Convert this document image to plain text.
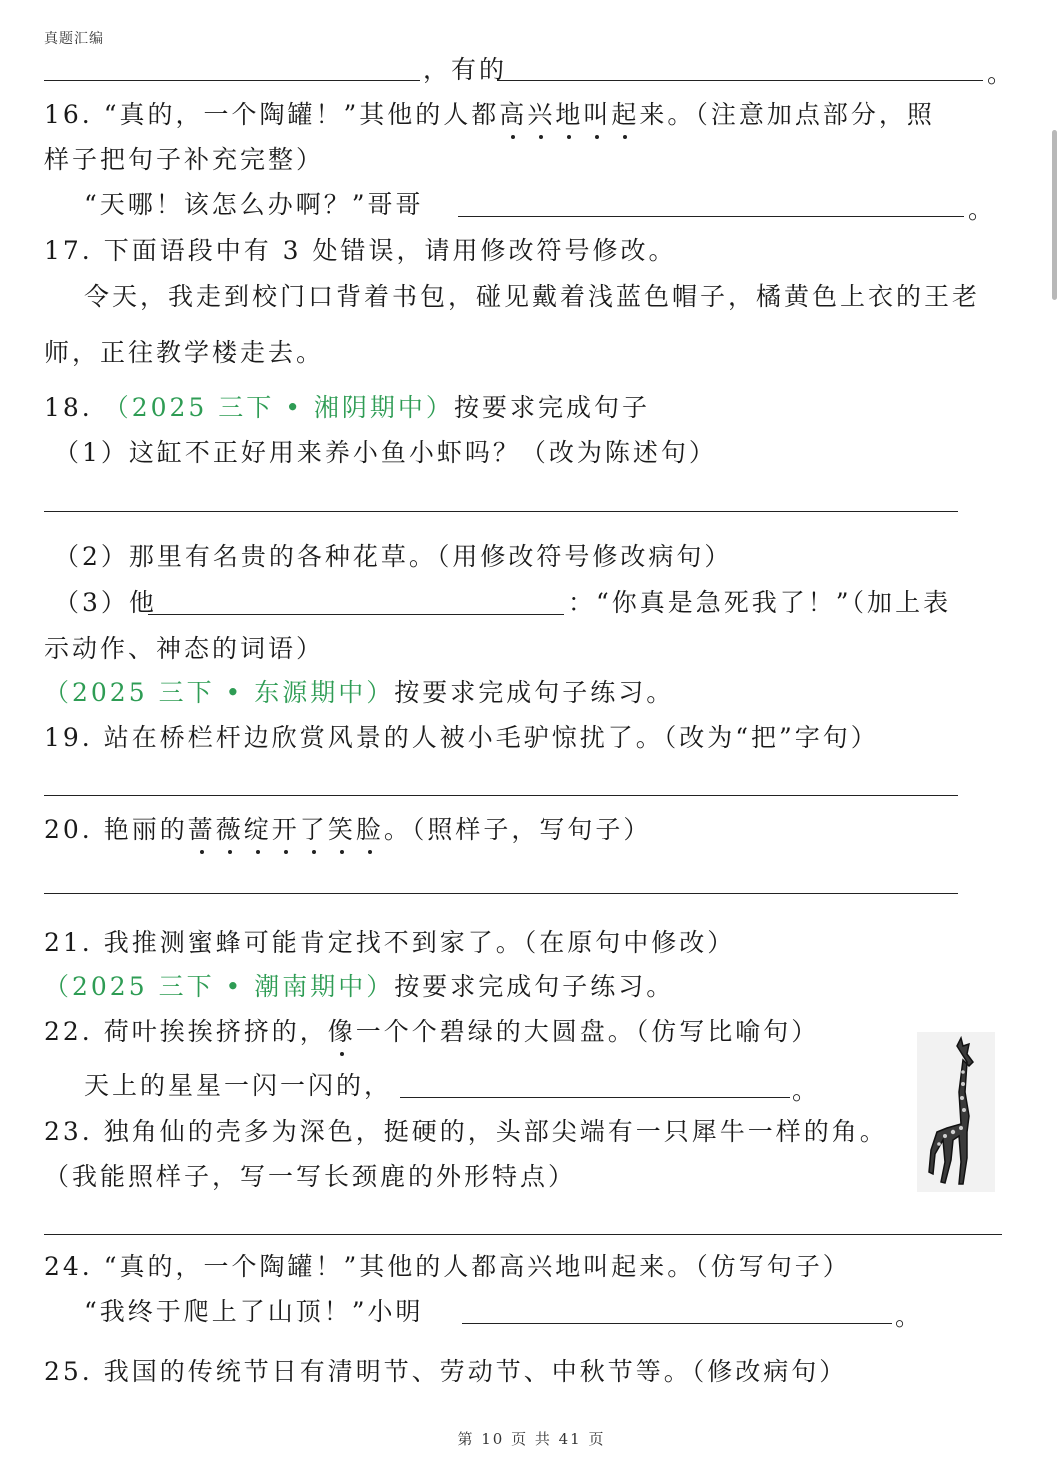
真题汇编
，有的	。
16. “真的，一个陶罐！”其他的人都高兴地叫起来。（注意加点部分，照
样子把句子补充完整）
“天哪！该怎么办啊？”哥哥	。
17. 下面语段中有 3 处错误，请用修改符号修改。
令天，我走到校门口背着书包，碰见戴着浅蓝色帽子，橘黄色上衣的王老
师，正往教学楼走去。
18. （2025 三下 • 湘阴期中）按要求完成句子
（1）这缸不正好用来养小鱼小虾吗？（改为陈述句）
（2）那里有名贵的各种花草。（用修改符号修改病句）
（3）他	：“你真是急死我了！”（加上表
示动作、神态的词语）
（2025 三下 • 东源期中）按要求完成句子练习。
19. 站在桥栏杆边欣赏风景的人被小毛驴惊扰了。（改为“把”字句）
20. 艳丽的蔷薇绽开了笑脸。（照样子，写句子）
21. 我推测蜜蜂可能肯定找不到家了。（在原句中修改）
（2025 三下 • 潮南期中）按要求完成句子练习。
22. 荷叶挨挨挤挤的，像一个个碧绿的大圆盘。（仿写比喻句）
天上的星星一闪一闪的，	。
23. 独角仙的壳多为深色，挺硬的，头部尖端有一只犀牛一样的角。
（我能照样子，写一写长颈鹿的外形特点）
24. “真的，一个陶罐！”其他的人都高兴地叫起来。（仿写句子）
“我终于爬上了山顶！”小明	。
25. 我国的传统节日有清明节、劳动节、中秋节等。（修改病句）
第 10 页 共 41 页
